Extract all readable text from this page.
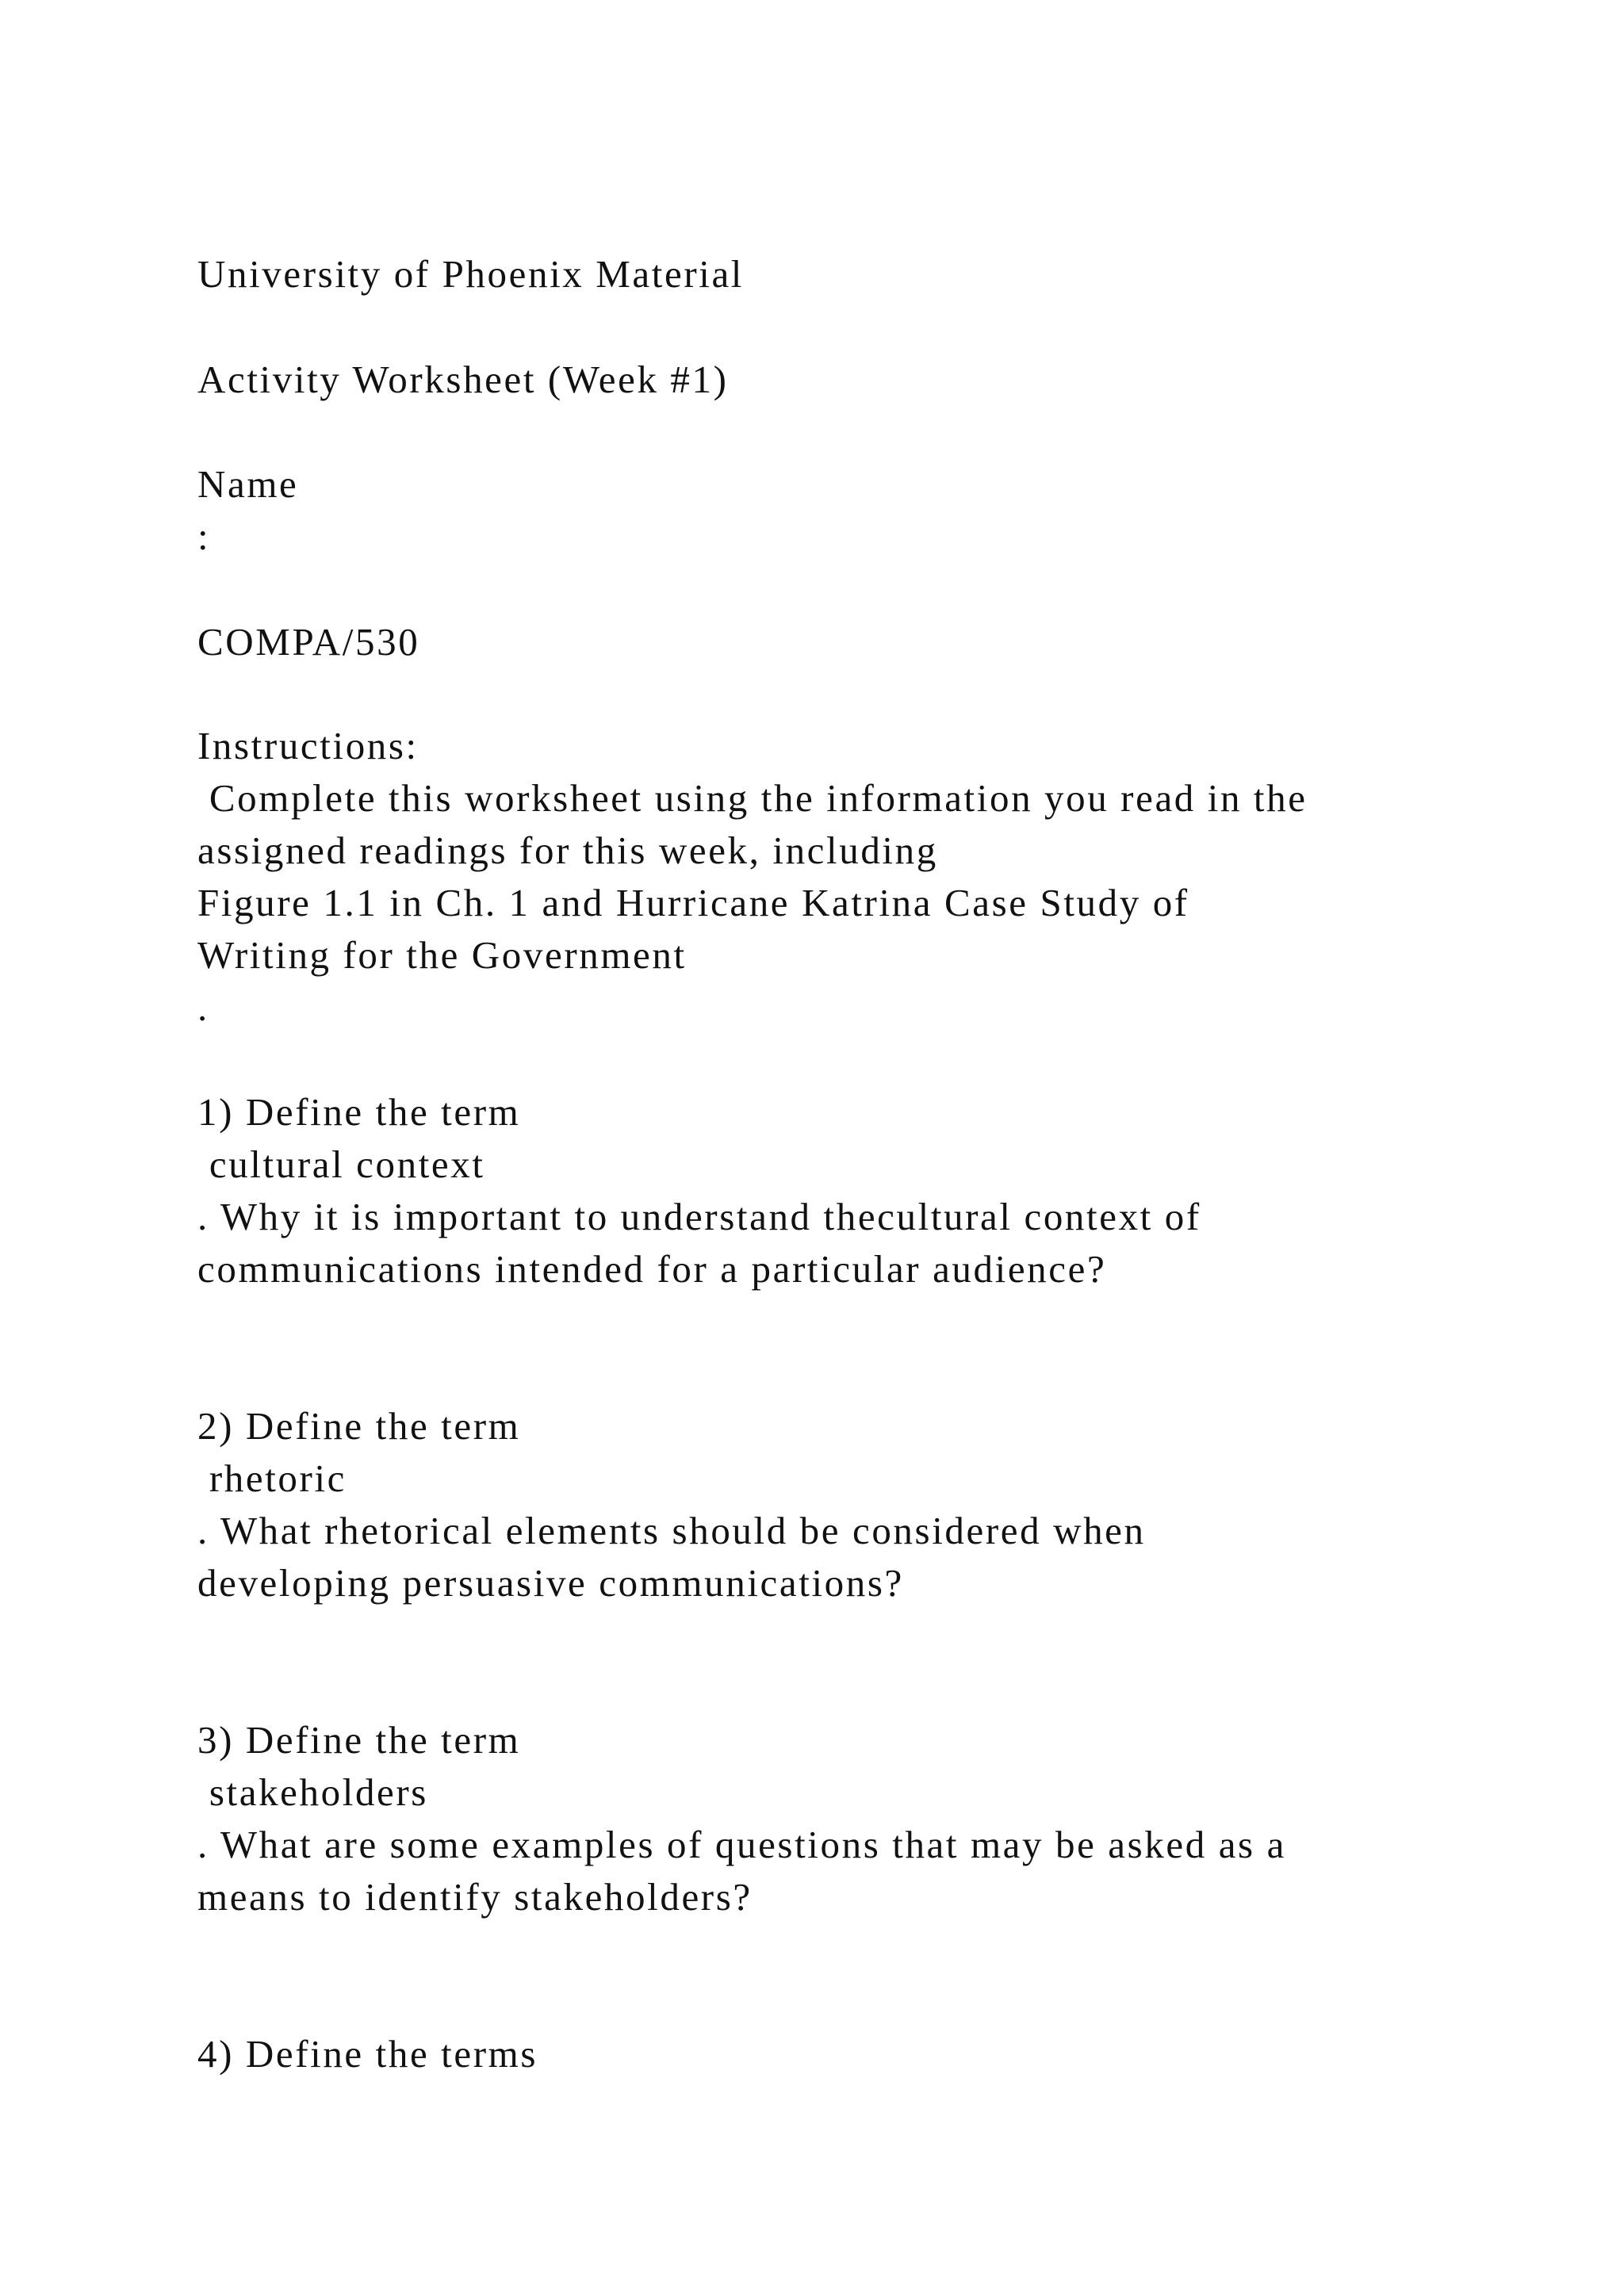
University of Phoenix Material

Activity Worksheet (Week #1)

Name

:

COMPA/530

Instructions:

Complete this worksheet using the information you read in the

assigned readings for this week, including

Figure 1.1 in Ch. 1 and Hurricane Katrina Case Study of

Writing for the Government

.

1) Define the term

cultural context

. Why it is important to understand thecultural context of

communications intended for a particular audience?

2) Define the term

rhetoric

. What rhetorical elements should be considered when

developing persuasive communications?

3) Define the term

stakeholders

. What are some examples of questions that may be asked as a

means to identify stakeholders?

4) Define the terms
